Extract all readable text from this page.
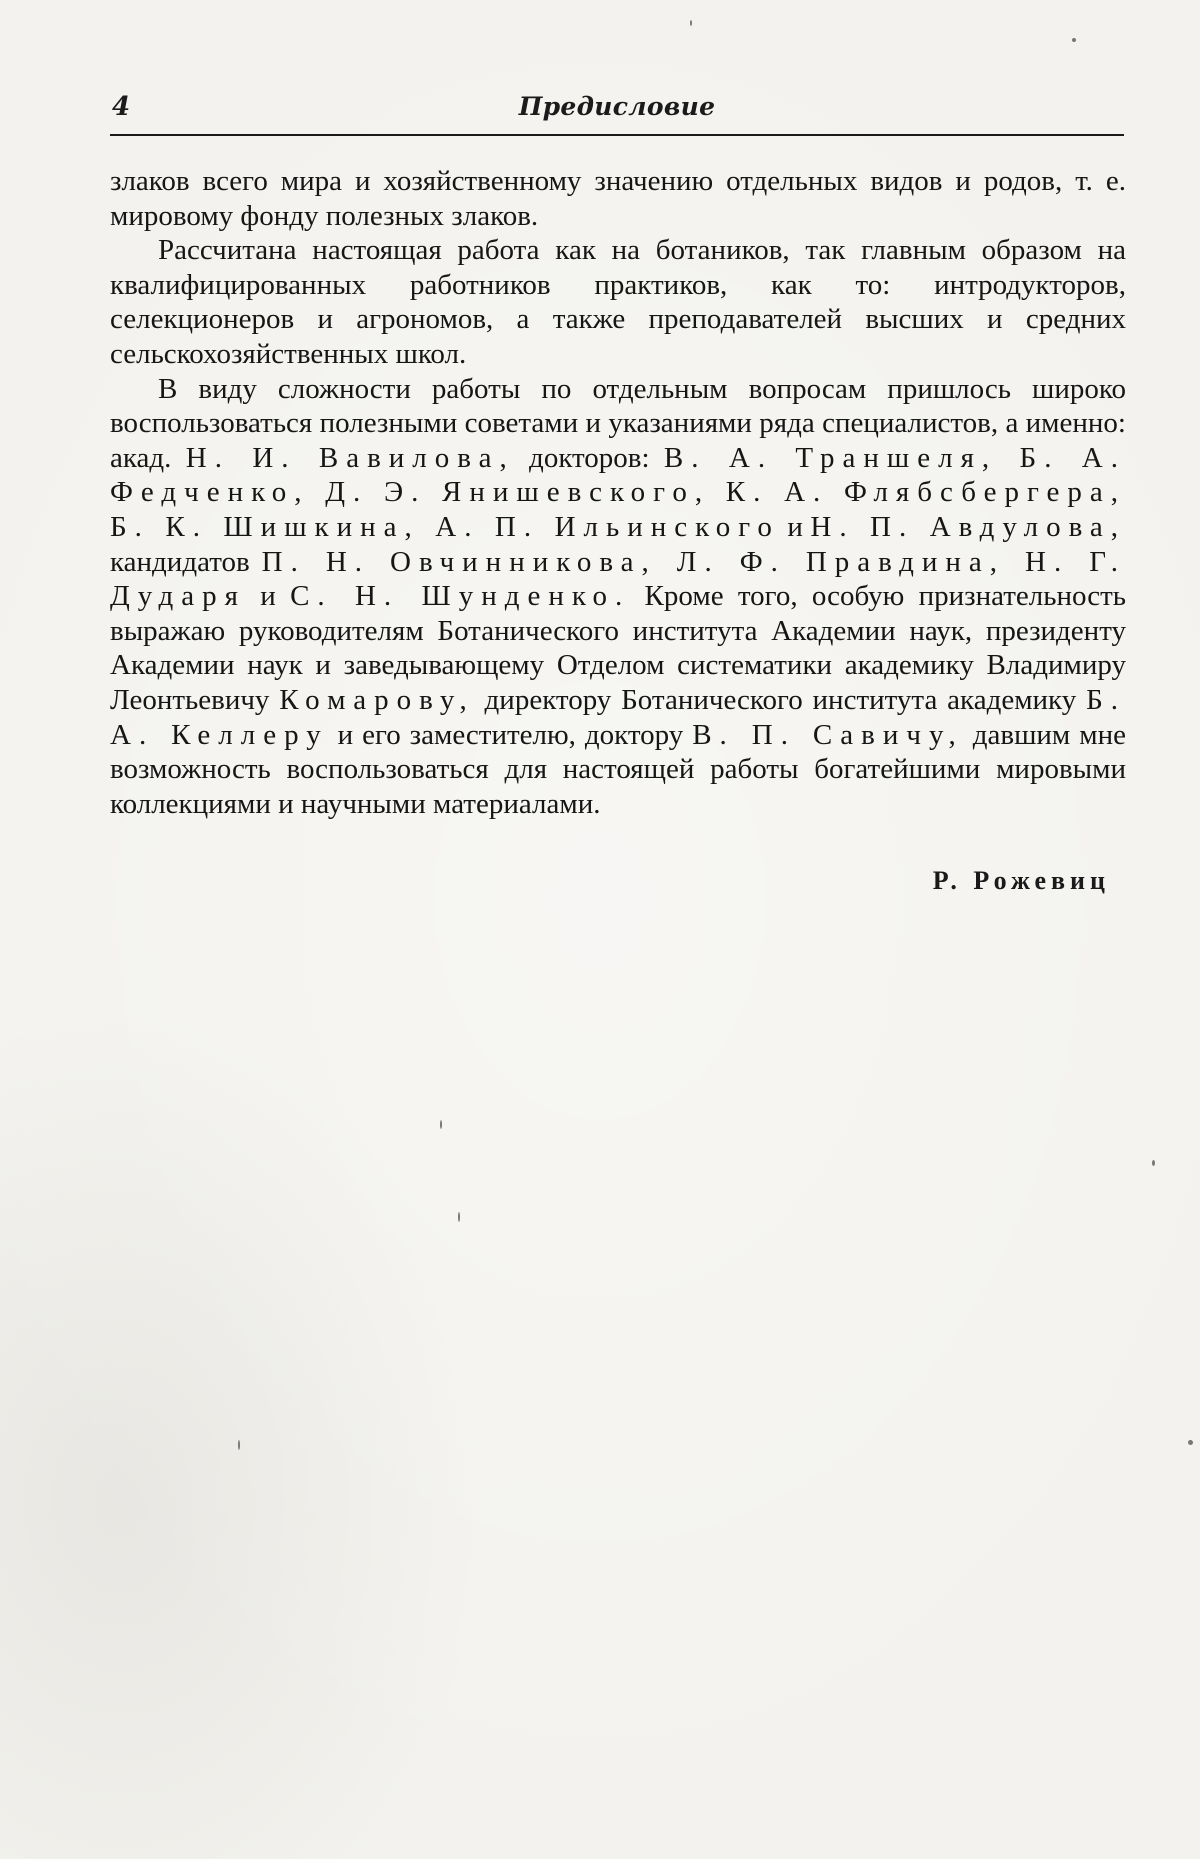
4	Предисловие

злаков всего мира и хозяйственному значению отдельных видов и родов, т. е. мировому фонду полезных злаков.

Рассчитана настоящая работа как на ботаников, так главным образом на квалифицированных работников практиков, как то: интродукторов, селекционеров и агрономов, а также преподавателей высших и средних сельскохозяйственных школ.

В виду сложности работы по отдельным вопросам пришлось широко воспользоваться полезными советами и указаниями ряда специалистов, а именно: акад. Н. И. Вавилова, докторов: В. А. Траншеля, Б. А. Федченко, Д. Э. Янишевского, К. А. Флябсбергера, Б. К. Шишкина, А. П. Ильинского и Н. П. Авдулова, кандидатов П. Н. Овчинникова, Л. Ф. Правдина, Н. Г. Дударя и С. Н. Шунденко. Кроме того, особую признательность выражаю руководителям Ботанического института Академии наук, президенту Академии наук и заведывающему Отделом систематики академику Владимиру Леонтьевичу Комарову, директору Ботанического института академику Б. А. Келлеру и его заместителю, доктору В. П. Савичу, давшим мне возможность воспользоваться для настоящей работы богатейшими мировыми коллекциями и научными материалами.

Р. Рожевиц
